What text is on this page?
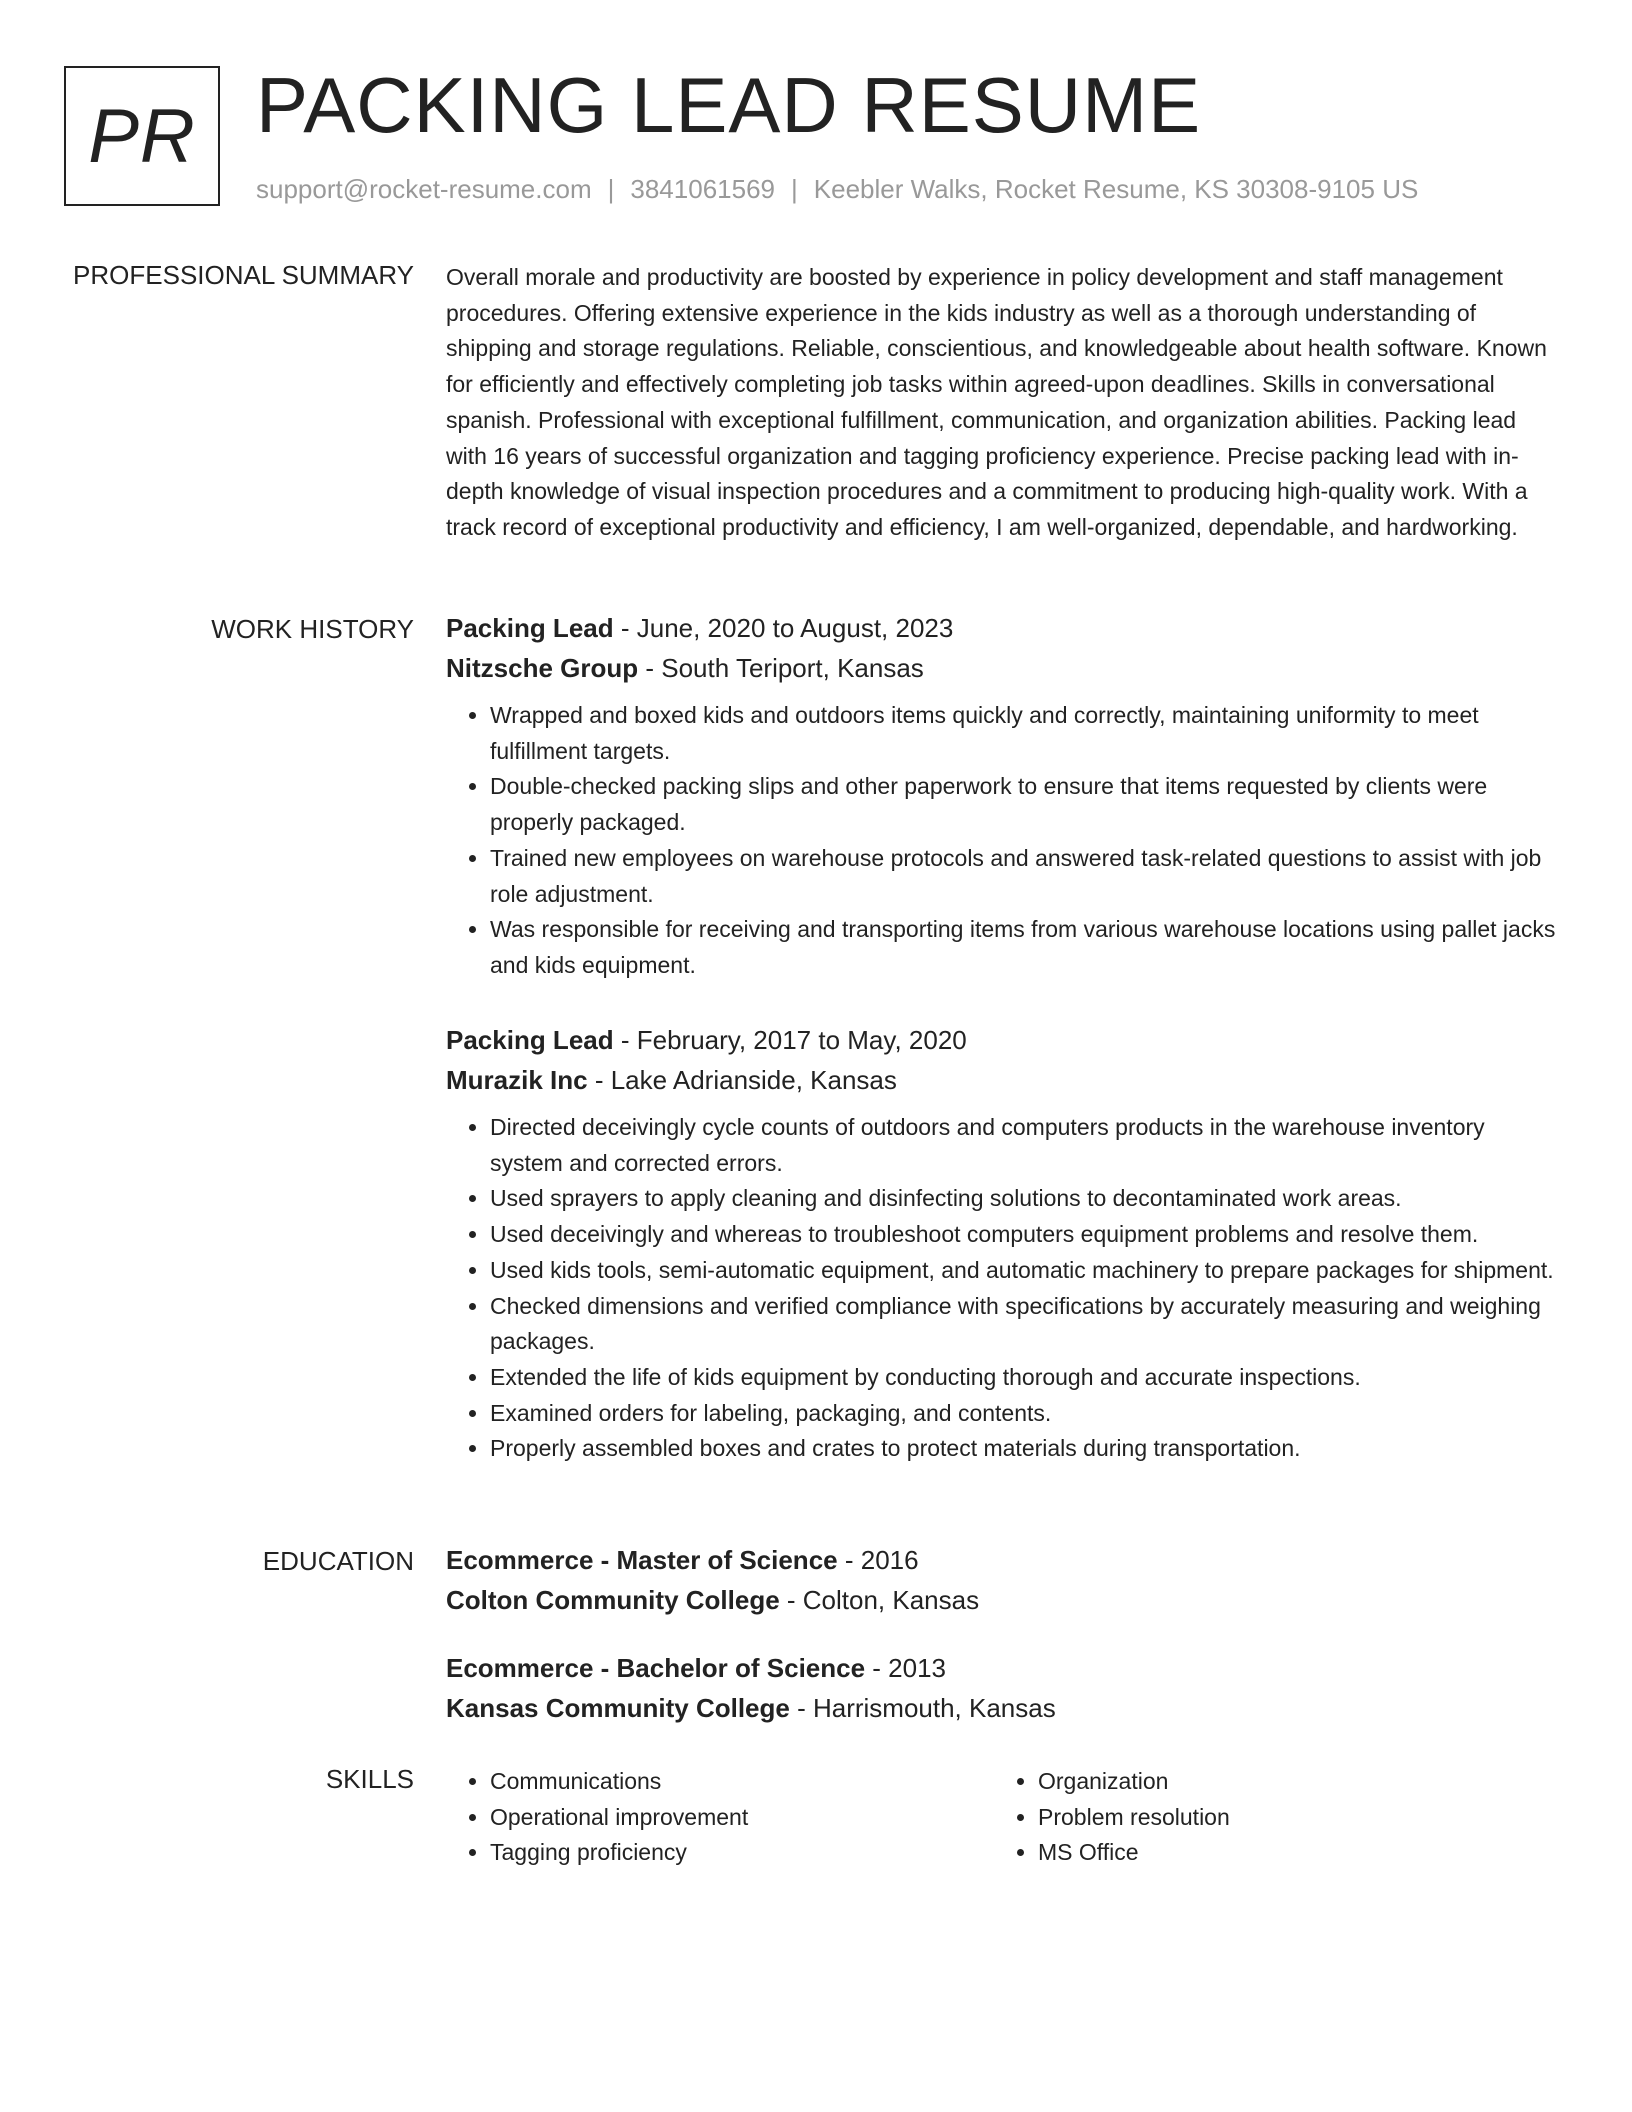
PR PACKING LEAD RESUME
support@rocket-resume.com | 3841061569 | Keebler Walks, Rocket Resume, KS 30308-9105 US
PROFESSIONAL SUMMARY Overall morale and productivity are boosted by experience in policy development and staff management procedures. Offering extensive experience in the kids industry as well as a thorough understanding of shipping and storage regulations. Reliable, conscientious, and knowledgeable about health software. Known for efficiently and effectively completing job tasks within agreed-upon deadlines. Skills in conversational spanish. Professional with exceptional fulfillment, communication, and organization abilities. Packing lead with 16 years of successful organization and tagging proficiency experience. Precise packing lead with in-depth knowledge of visual inspection procedures and a commitment to producing high-quality work. With a track record of exceptional productivity and efficiency, I am well-organized, dependable, and hardworking.

WORK HISTORY Packing Lead - June, 2020 to August, 2023
Nitzsche Group - South Teriport, Kansas
• Wrapped and boxed kids and outdoors items quickly and correctly, maintaining uniformity to meet fulfillment targets.
• Double-checked packing slips and other paperwork to ensure that items requested by clients were properly packaged.
• Trained new employees on warehouse protocols and answered task-related questions to assist with job role adjustment.
• Was responsible for receiving and transporting items from various warehouse locations using pallet jacks and kids equipment.
Packing Lead - February, 2017 to May, 2020
Murazik Inc - Lake Adrianside, Kansas
• Directed deceivingly cycle counts of outdoors and computers products in the warehouse inventory system and corrected errors.
• Used sprayers to apply cleaning and disinfecting solutions to decontaminated work areas.
• Used deceivingly and whereas to troubleshoot computers equipment problems and resolve them.
• Used kids tools, semi-automatic equipment, and automatic machinery to prepare packages for shipment.
• Checked dimensions and verified compliance with specifications by accurately measuring and weighing packages.
• Extended the life of kids equipment by conducting thorough and accurate inspections.
• Examined orders for labeling, packaging, and contents.
• Properly assembled boxes and crates to protect materials during transportation.
EDUCATION Ecommerce - Master of Science - 2016
Colton Community College - Colton, Kansas
Ecommerce - Bachelor of Science - 2013
Kansas Community College - Harrismouth, Kansas
SKILLS
•	Communications
• Operational improvement
• Tagging proficiency
• Organization
• Problem resolution
• MS Office
